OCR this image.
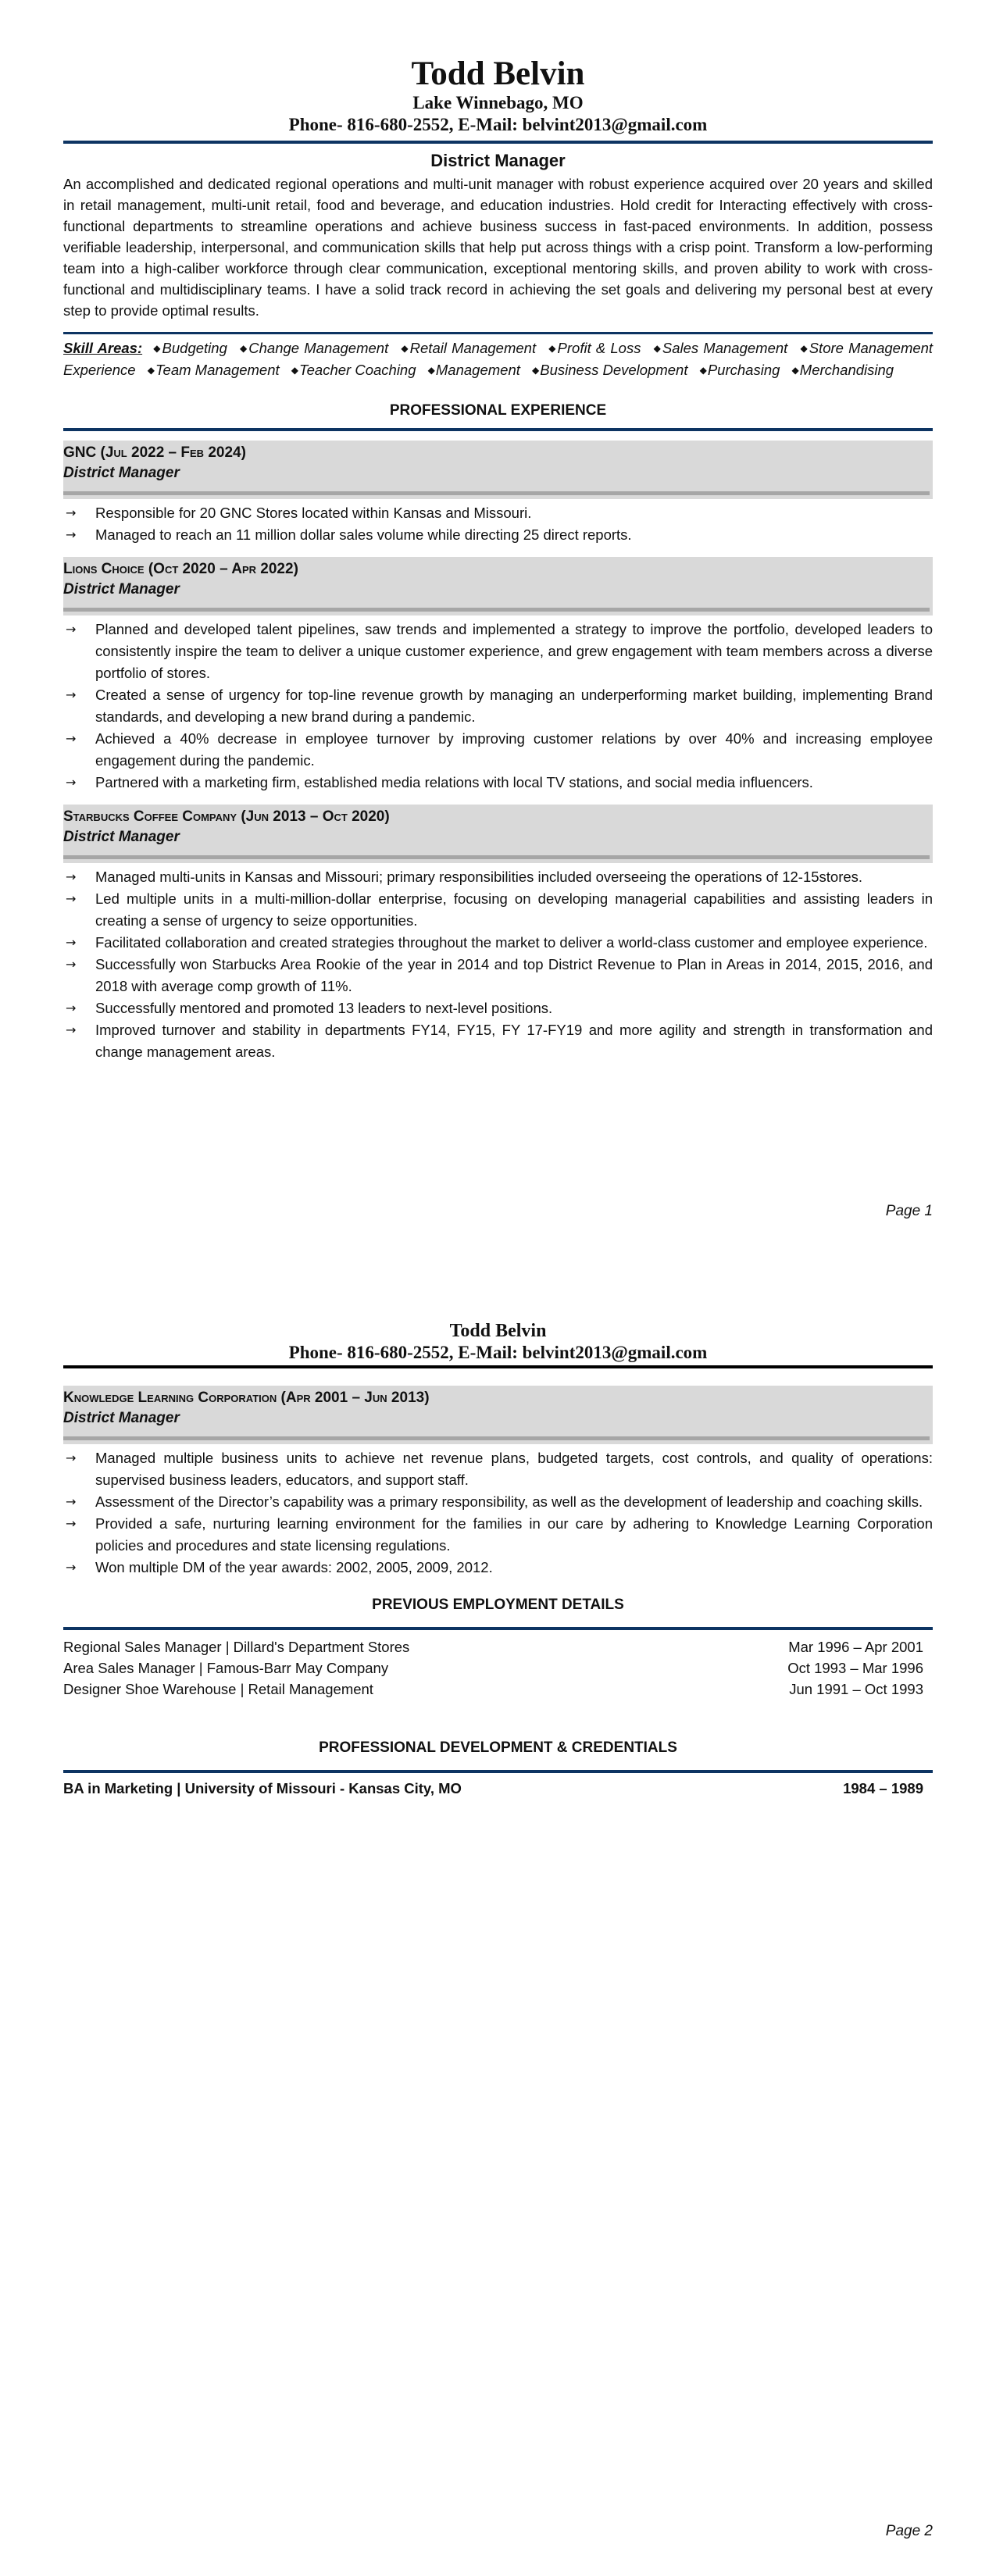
Todd Belvin
Lake Winnebago, MO
Phone- 816-680-2552, E-Mail: belvint2013@gmail.com
District Manager

An accomplished and dedicated regional operations and multi-unit manager with robust experience acquired over 20 years and skilled in retail management, multi-unit retail, food and beverage, and education industries. Hold credit for Interacting effectively with cross-functional departments to streamline operations and achieve business success in fast-paced environments. In addition, possess verifiable leadership, interpersonal, and communication skills that help put across things with a crisp point. Transform a low-performing team into a high-caliber workforce through clear communication, exceptional mentoring skills, and proven ability to work with cross-functional and multidisciplinary teams. I have a solid track record in achieving the set goals and delivering my personal best at every step to provide optimal results.

Skill Areas: ◆Budgeting ◆Change Management ◆Retail Management ◆Profit & Loss ◆Sales Management ◆Store Management Experience ◆Team Management ◆Teacher Coaching ◆Management ◆Business Development ◆Purchasing ◆Merchandising
PROFESSIONAL EXPERIENCE
GNC (Jul 2022 – Feb 2024)
District Manager
→ Responsible for 20 GNC Stores located within Kansas and Missouri.
→ Managed to reach an 11 million dollar sales volume while directing 25 direct reports.
Lions Choice (Oct 2020 – Apr 2022)
District Manager
→ Planned and developed talent pipelines, saw trends and implemented a strategy to improve the portfolio, developed leaders to consistently inspire the team to deliver a unique customer experience, and grew engagement with team members across a diverse portfolio of stores.
→ Created a sense of urgency for top-line revenue growth by managing an underperforming market building, implementing Brand standards, and developing a new brand during a pandemic.
→ Achieved a 40% decrease in employee turnover by improving customer relations by over 40% and increasing employee engagement during the pandemic.
→ Partnered with a marketing firm, established media relations with local TV stations, and social media influencers.
Starbucks Coffee Company (Jun 2013 – Oct 2020)
District Manager
→ Managed multi-units in Kansas and Missouri; primary responsibilities included overseeing the operations of 12-15stores.
→ Led multiple units in a multi-million-dollar enterprise, focusing on developing managerial capabilities and assisting leaders in creating a sense of urgency to seize opportunities.
→ Facilitated collaboration and created strategies throughout the market to deliver a world-class customer and employee experience.
→ Successfully won Starbucks Area Rookie of the year in 2014 and top District Revenue to Plan in Areas in 2014, 2015, 2016, and 2018 with average comp growth of 11%.
→ Successfully mentored and promoted 13 leaders to next-level positions.
→ Improved turnover and stability in departments FY14, FY15, FY 17-FY19 and more agility and strength in transformation and change management areas.
Page 1
Todd Belvin
Phone- 816-680-2552, E-Mail: belvint2013@gmail.com
Knowledge Learning Corporation (Apr 2001 – Jun 2013)
District Manager
→ Managed multiple business units to achieve net revenue plans, budgeted targets, cost controls, and quality of operations: supervised business leaders, educators, and support staff.
→ Assessment of the Director’s capability was a primary responsibility, as well as the development of leadership and coaching skills.
→ Provided a safe, nurturing learning environment for the families in our care by adhering to Knowledge Learning Corporation policies and procedures and state licensing regulations.
→ Won multiple DM of the year awards: 2002, 2005, 2009, 2012.
PREVIOUS EMPLOYMENT DETAILS
Regional Sales Manager | Dillard's Department Stores	Mar 1996 – Apr 2001
Area Sales Manager | Famous-Barr May Company	Oct 1993 – Mar 1996
Designer Shoe Warehouse | Retail Management	Jun 1991 – Oct 1993
PROFESSIONAL DEVELOPMENT & CREDENTIALS
BA in Marketing | University of Missouri - Kansas City, MO	1984 – 1989
Page 2
